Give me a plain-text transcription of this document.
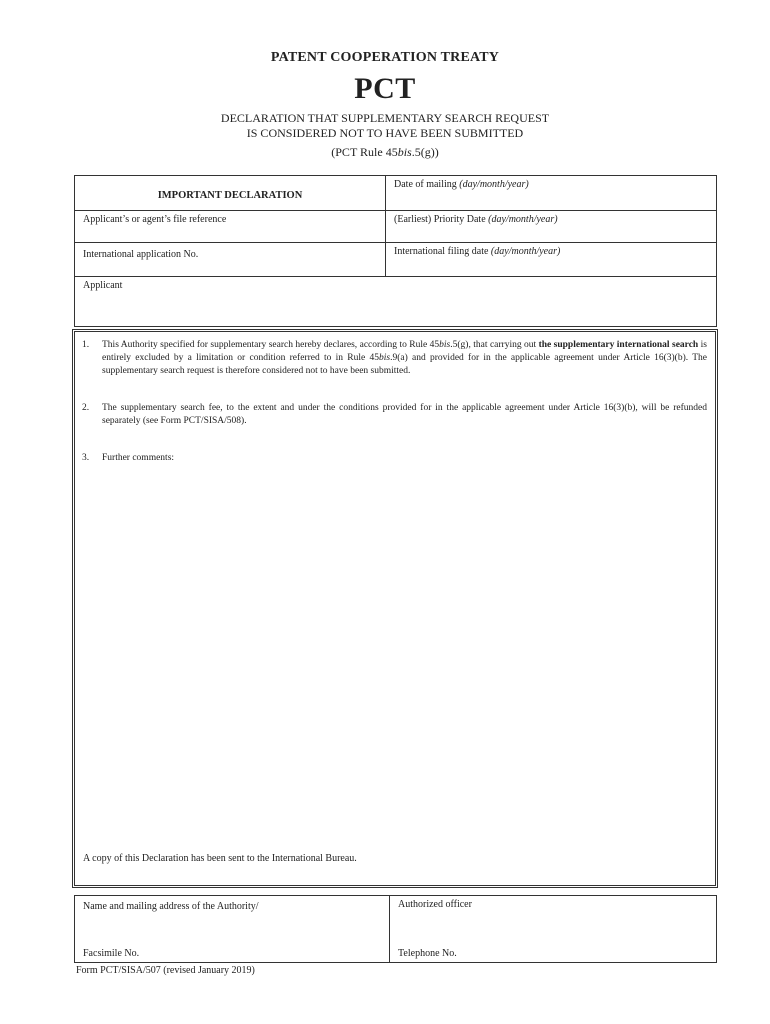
PATENT COOPERATION TREATY
PCT
DECLARATION THAT SUPPLEMENTARY SEARCH REQUEST
IS CONSIDERED NOT TO HAVE BEEN SUBMITTED
(PCT Rule 45bis.5(g))
IMPORTANT DECLARATION
Date of mailing (day/month/year)
Applicant’s or agent’s file reference	(Earliest) Priority Date (day/month/year)
International application No.	International filing date (day/month/year)
Applicant
1. This Authority specified for supplementary search hereby declares, according to Rule 45bis.5(g), that carrying out the supplementary international search is entirely excluded by a limitation or condition referred to in Rule 45bis.9(a) and provided for in the applicable agreement under Article 16(3)(b). The supplementary search request is therefore considered not to have been submitted.
2. The supplementary search fee, to the extent and under the conditions provided for in the applicable agreement under Article 16(3)(b), will be refunded separately (see Form PCT/SISA/508).
3. Further comments:
A copy of this Declaration has been sent to the International Bureau.
Name and mailing address of the Authority/
Facsimile No.
Authorized officer
Telephone No.
Form PCT/SISA/507 (revised January 2019)
